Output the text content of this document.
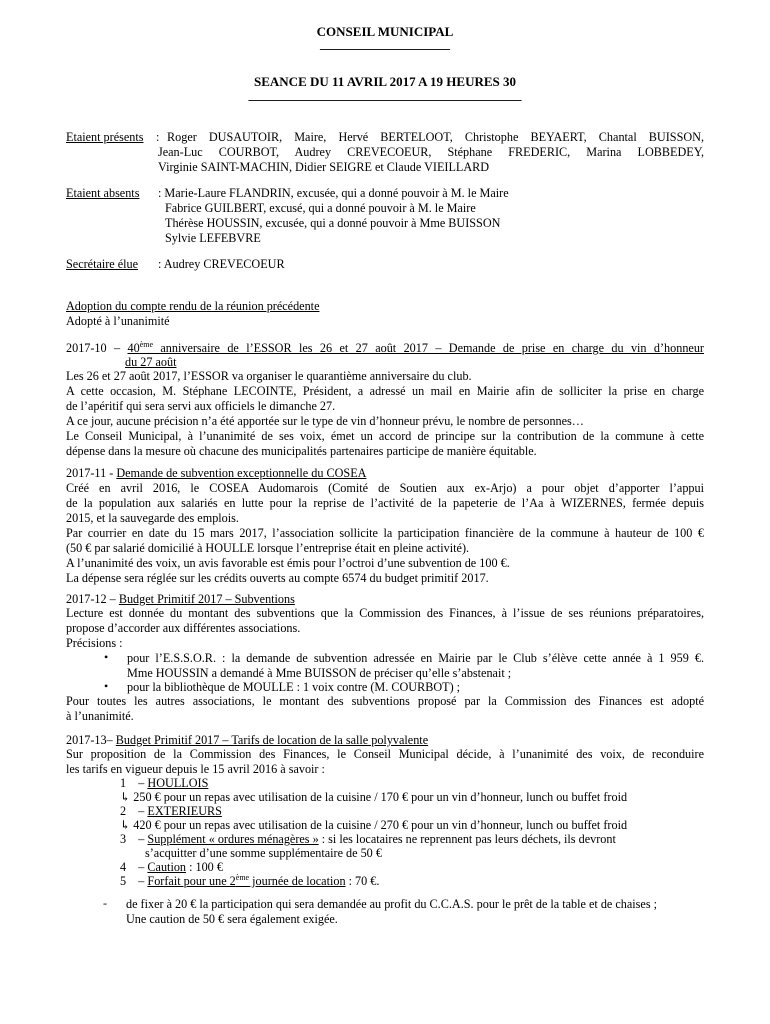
CONSEIL MUNICIPAL
____________________
SEANCE DU 11 AVRIL 2017 A 19 HEURES 30
__________________________________________
Etaient présents : Roger DUSAUTOIR, Maire, Hervé BERTELOOT, Christophe BEYAERT, Chantal BUISSON,
Jean-Luc COURBOT, Audrey CREVECOEUR, Stéphane FREDERIC, Marina LOBBEDEY,
Virginie SAINT-MACHIN, Didier SEIGRE et Claude VIEILLARD
Etaient absents : Marie-Laure FLANDRIN, excusée, qui a donné pouvoir à M. le Maire
Fabrice GUILBERT, excusé, qui a donné pouvoir à M. le Maire
Thérèse HOUSSIN, excusée, qui a donné pouvoir à Mme BUISSON
Sylvie LEFEBVRE
Secrétaire élue : Audrey CREVECOEUR
Adoption du compte rendu de la réunion précédente
Adopté à l’unanimité
2017-10 – 40ème anniversaire de l’ESSOR les 26 et 27 août 2017 – Demande de prise en charge du vin d’honneur
du 27 août
Les 26 et 27 août 2017, l’ESSOR va organiser le quarantième anniversaire du club.
A cette occasion, M. Stéphane LECOINTE, Président, a adressé un mail en Mairie afin de solliciter la prise en charge
de l’apéritif qui sera servi aux officiels le dimanche 27.
A ce jour, aucune précision n’a été apportée sur le type de vin d’honneur prévu, le nombre de personnes…
Le Conseil Municipal, à l’unanimité de ses voix, émet un accord de principe sur la contribution de la commune à cette
dépense dans la mesure où chacune des municipalités partenaires participe de manière équitable.
2017-11 - Demande de subvention exceptionnelle du COSEA
Créé en avril 2016, le COSEA Audomarois (Comité de Soutien aux ex-Arjo) a pour objet d’apporter l’appui
de la population aux salariés en lutte pour la reprise de l’activité de la papeterie de l’Aa à WIZERNES, fermée depuis
2015, et la sauvegarde des emplois.
Par courrier en date du 15 mars 2017, l’association sollicite la participation financière de la commune à hauteur de 100 €
(50 € par salarié domicilié à HOULLE lorsque l’entreprise était en pleine activité).
A l’unanimité des voix, un avis favorable est émis pour l’octroi d’une subvention de 100 €.
La dépense sera réglée sur les crédits ouverts au compte 6574 du budget primitif 2017.
2017-12 – Budget Primitif 2017 – Subventions
Lecture est donnée du montant des subventions que la Commission des Finances, à l’issue de ses réunions préparatoires,
propose d’accorder aux différentes associations.
Précisions :
• pour l’E.S.S.O.R. : la demande de subvention adressée en Mairie par le Club s’élève cette année à 1 959 €.
Mme HOUSSIN a demandé à Mme BUISSON de préciser qu’elle s’abstenait ;
• pour la bibliothèque de MOULLE : 1 voix contre (M. COURBOT) ;
Pour toutes les autres associations, le montant des subventions proposé par la Commission des Finances est adopté
à l’unanimité.
2017-13– Budget Primitif 2017 – Tarifs de location de la salle polyvalente
Sur proposition de la Commission des Finances, le Conseil Municipal décide, à l’unanimité des voix, de reconduire
les tarifs en vigueur depuis le 15 avril 2016 à savoir :
1 – HOULLOIS
↳ 250 € pour un repas avec utilisation de la cuisine / 170 € pour un vin d’honneur, lunch ou buffet froid
2 – EXTERIEURS
↳ 420 € pour un repas avec utilisation de la cuisine / 270 € pour un vin d’honneur, lunch ou buffet froid
3 – Supplément « ordures ménagères » : si les locataires ne reprennent pas leurs déchets, ils devront
s’acquitter d’une somme supplémentaire de 50 €
4 – Caution : 100 €
5 – Forfait pour une 2ème journée de location : 70 €.
- de fixer à 20 € la participation qui sera demandée au profit du C.C.A.S. pour le prêt de la table et de chaises ;
Une caution de 50 € sera également exigée.
